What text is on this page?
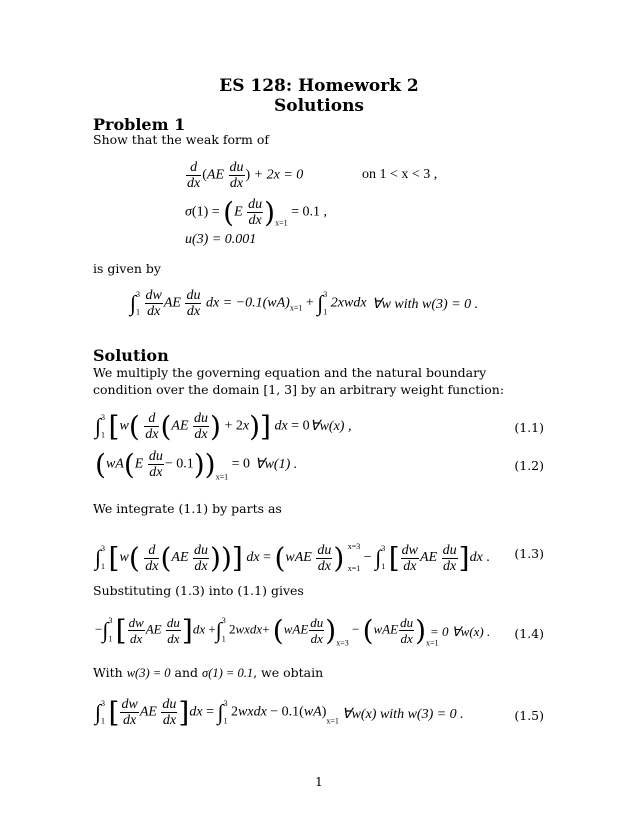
ES 128: Homework 2
Solutions
Problem 1
Show that the weak form of
$\frac{d}{dx} (AE \frac{du}{dx}$ ) + 2x = 0	on 1 < x < 3 ,
$\sigma(1) = (E \frac{du}{dx} )_{x=1} = 0.1$ ,
u(3) = 0.001
is given by
$\int_1^3 \frac{dw}{dx}$ AE $\frac{du}{dx}$ dx = $-0.1(wA)_{x=1} + \int_1^3$ 2xwdx ∀w with w(3) = 0 .
Solution
We multiply the governing equation and the natural boundary condition over the domain [1, 3] by an arbitrary weight function:
$\int_1^3$ [$w( \frac{d}{dx} (AE \frac{du}{dx}$ ) + 2x)] dx = 0 ∀w(x) ,	(1.1)
$(wA(E \frac{du}{dx} - 0.1))_{x=1} = 0$ ∀w(1) .	(1.2)
We integrate (1.1) by parts as
$\int_1^3$ [$w( \frac{d}{dx} (AE \frac{du}{dx}$ ))] dx = ($wAE \frac{du}{dx}$ ) x=3
x=1
− $\int_1^3$ [ $\frac{dw}{dx}$ AE $\frac{du}{dx} ]dx$ . (1.3)
Substituting (1.3) into (1.1) gives
$-\int_1^3$ [ $\frac{dw}{dx}$ AE $\frac{du}{dx} ]dx +\int_1^3$ 2wxdx+ $(wAE \frac{du}{dx} )_{x=3} - (wAE \frac{du}{dx} )_{x=1}$
= 0 ∀w(x) . (1.4)
With w(3) = 0 and σ(1) = 0.1, we obtain
$\int_1^3$ [ $\frac{dw}{dx}$ AE $\frac{du}{dx} ]dx = \int_1^3$ 2wxdx − $0.1(wA)_{x=1}$ ∀w(x) with w(3) = 0 .	(1.5)
1
